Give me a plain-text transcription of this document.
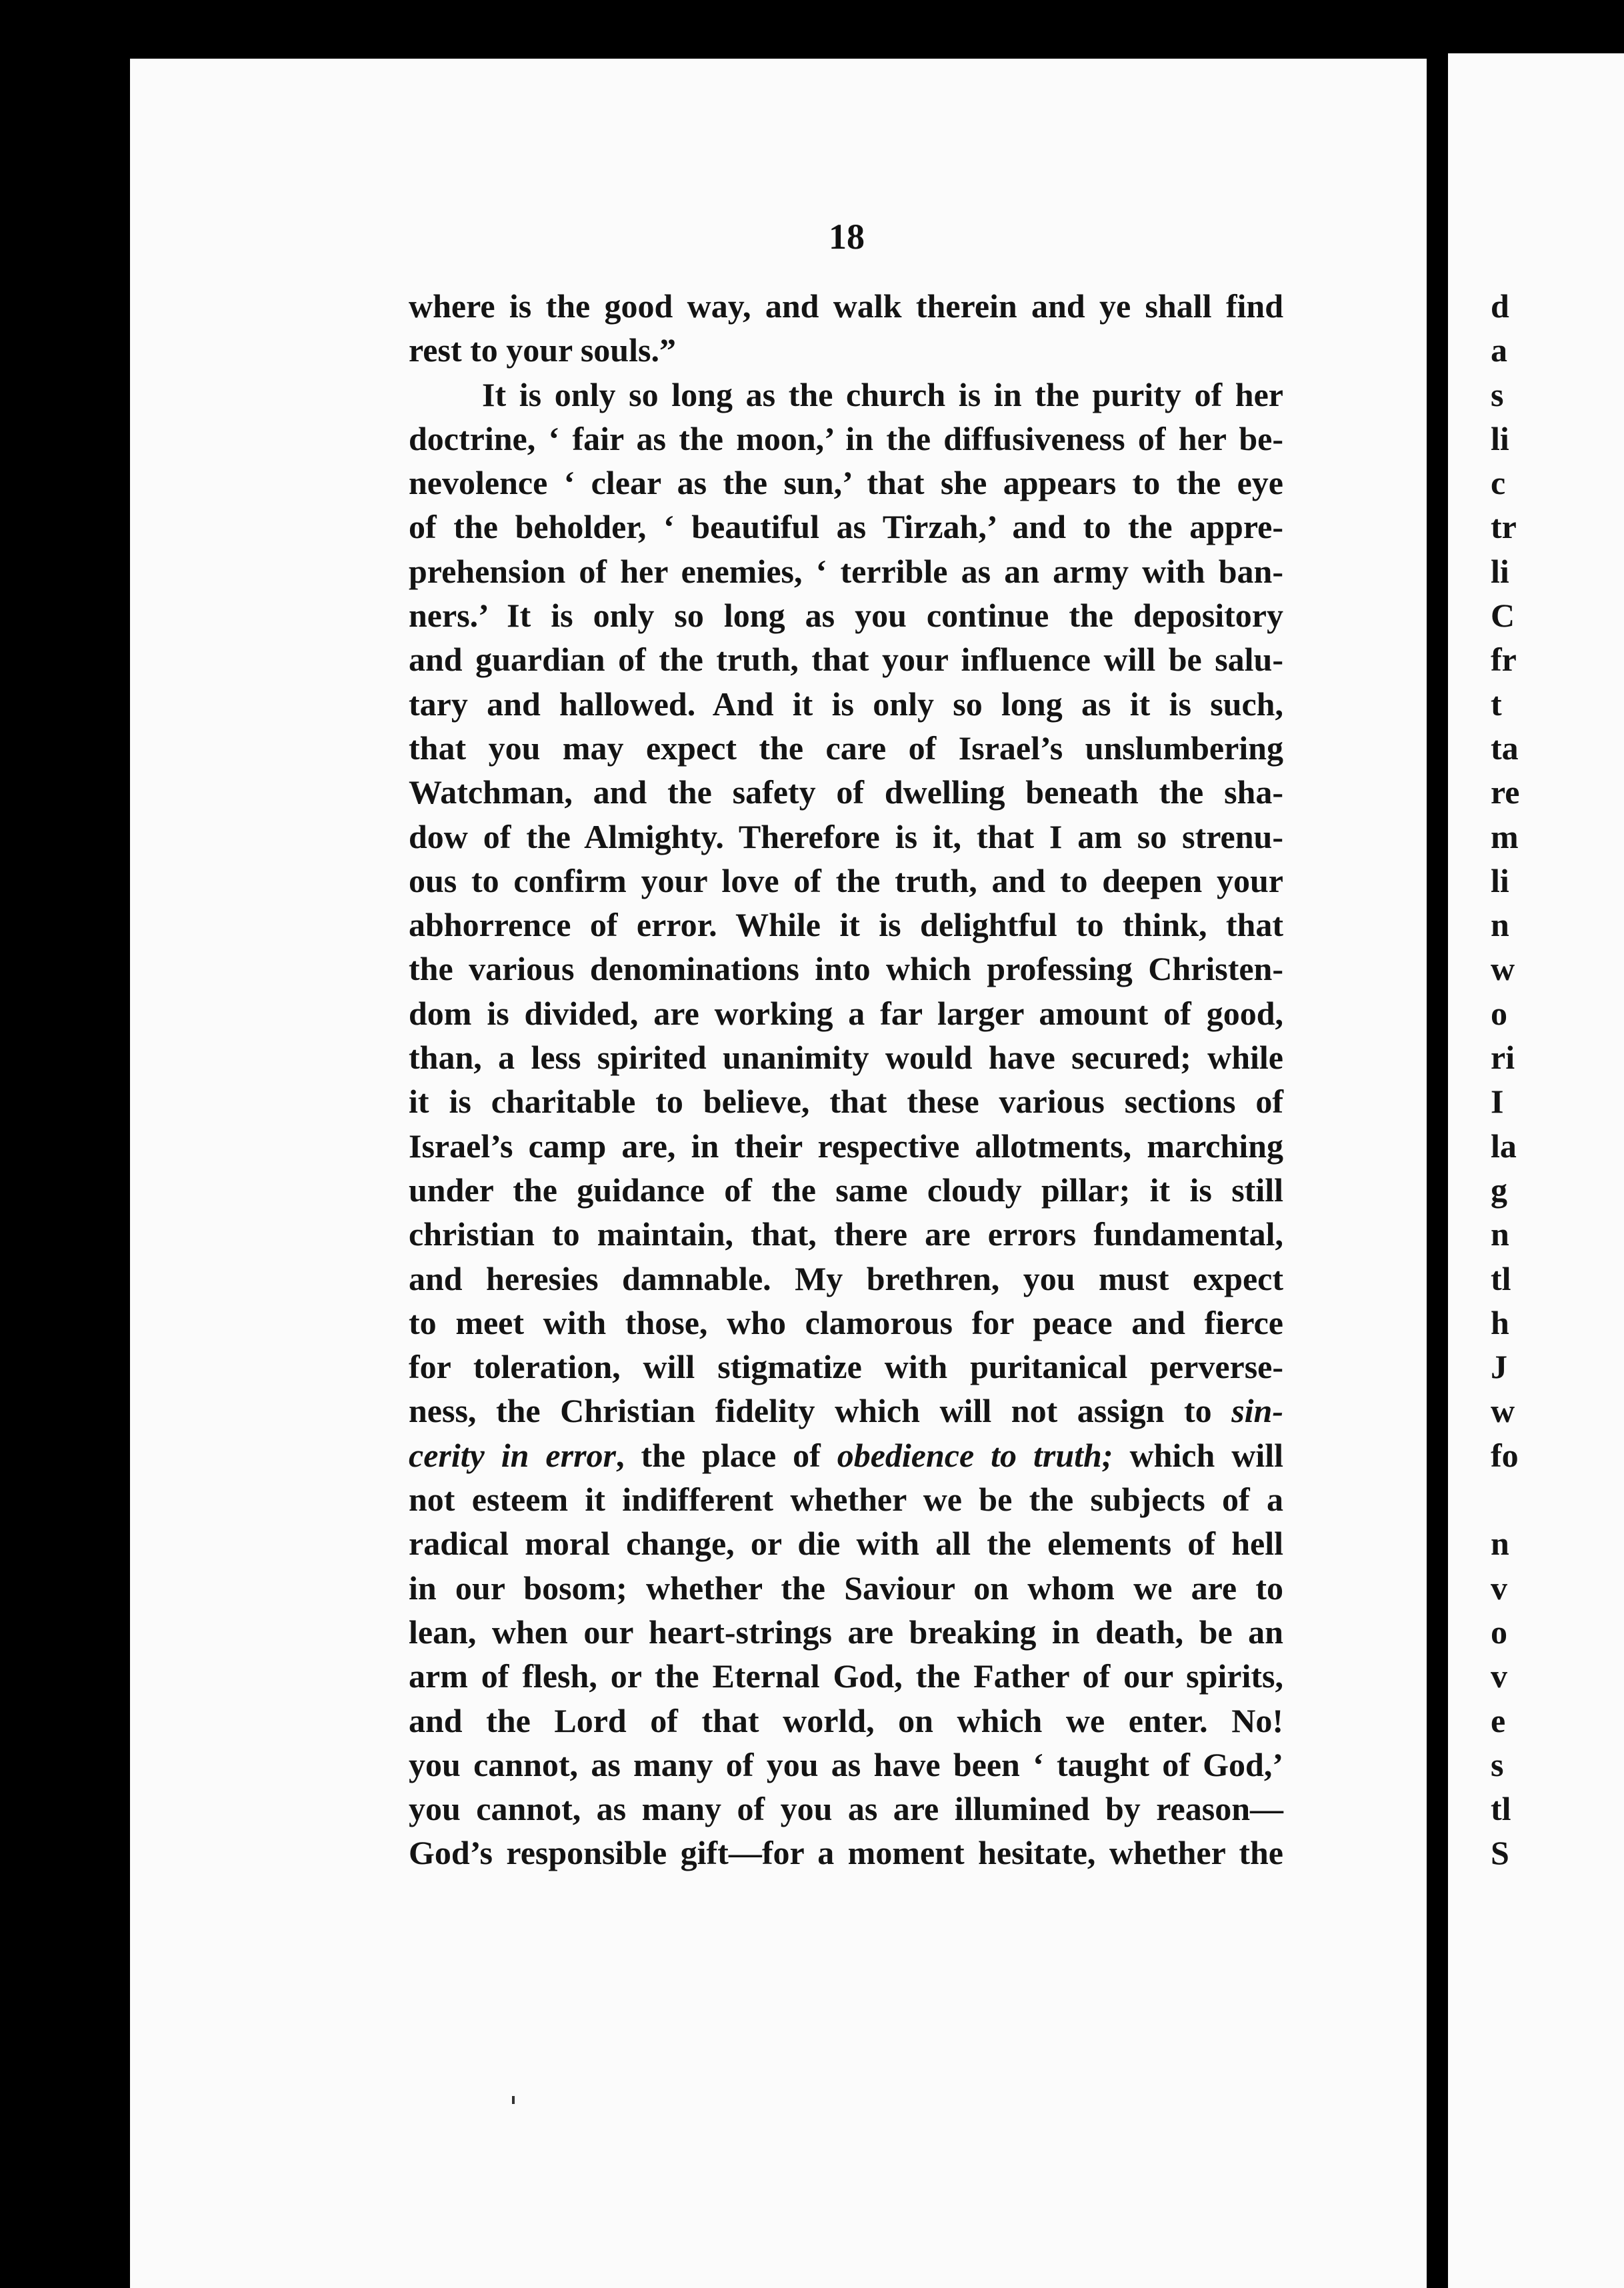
18
where is the good way, and walk therein and ye shall find
rest to your souls.”
It is only so long as the church is in the purity of her
doctrine, ‘ fair as the moon,’ in the diffusiveness of her be-
nevolence ‘ clear as the sun,’ that she appears to the eye
of the beholder, ‘ beautiful as Tirzah,’ and to the appre-
prehension of her enemies, ‘ terrible as an army with ban-
ners.’ It is only so long as you continue the depository
and guardian of the truth, that your influence will be salu-
tary and hallowed. And it is only so long as it is such,
that you may expect the care of Israel’s unslumbering
Watchman, and the safety of dwelling beneath the sha-
dow of the Almighty. Therefore is it, that I am so strenu-
ous to confirm your love of the truth, and to deepen your
abhorrence of error. While it is delightful to think, that
the various denominations into which professing Christen-
dom is divided, are working a far larger amount of good,
than, a less spirited unanimity would have secured; while
it is charitable to believe, that these various sections of
Israel’s camp are, in their respective allotments, marching
under the guidance of the same cloudy pillar; it is still
christian to maintain, that, there are errors fundamental,
and heresies damnable. My brethren, you must expect
to meet with those, who clamorous for peace and fierce
for toleration, will stigmatize with puritanical perverse-
ness, the Christian fidelity which will not assign to sin-
cerity in error, the place of obedience to truth; which will
not esteem it indifferent whether we be the subjects of a
radical moral change, or die with all the elements of hell
in our bosom; whether the Saviour on whom we are to
lean, when our heart-strings are breaking in death, be an
arm of flesh, or the Eternal God, the Father of our spirits,
and the Lord of that world, on which we enter. No!
you cannot, as many of you as have been ‘ taught of God,’
you cannot, as many of you as are illumined by reason—
God’s responsible gift—for a moment hesitate, whether the
d
a
s
li
c
tr
li
C
fr
t
ta
re
m
li
n
w
o
ri
I
la
g
n
tl
h
J
w
fo
n
v
o
v
e
s
tl
S
